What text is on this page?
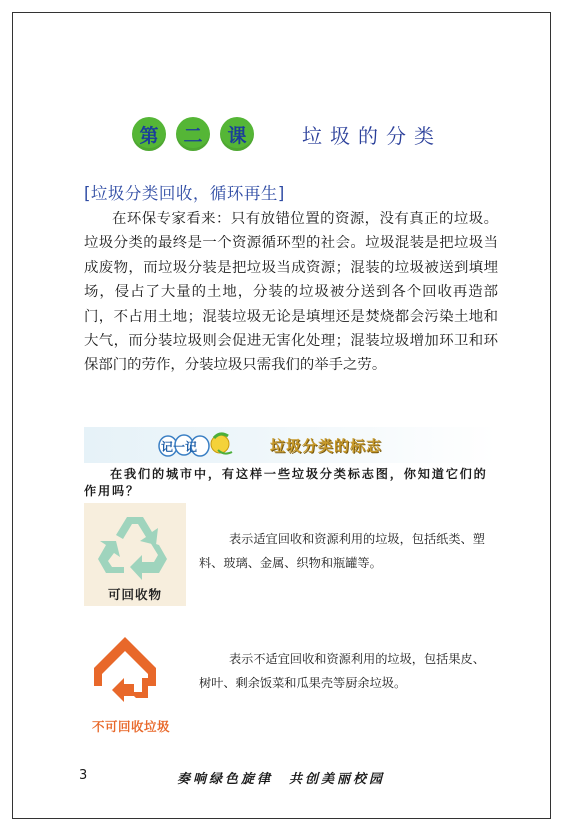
第	二	课	垃圾的分类
[垃圾分类回收，循环再生]
在环保专家看来：只有放错位置的资源，没有真正的垃圾。垃圾分类的最终是一个资源循环型的社会。垃圾混装是把垃圾当成废物，而垃圾分装是把垃圾当成资源；混装的垃圾被送到填埋场，侵占了大量的土地，分装的垃圾被分送到各个回收再造部门，不占用土地；混装垃圾无论是填埋还是焚烧都会污染土地和大气，而分装垃圾则会促进无害化处理；混装垃圾增加环卫和环保部门的劳作，分装垃圾只需我们的举手之劳。
记一记	垃圾分类的标志
在我们的城市中，有这样一些垃圾分类标志图，你知道它们的作用吗？
可回收物
表示适宜回收和资源利用的垃圾，包括纸类、塑料、玻璃、金属、织物和瓶罐等。
不可回收垃圾
表示不适宜回收和资源利用的垃圾，包括果皮、树叶、剩余饭菜和瓜果壳等厨余垃圾。
3	奏响绿色旋律　共创美丽校园
